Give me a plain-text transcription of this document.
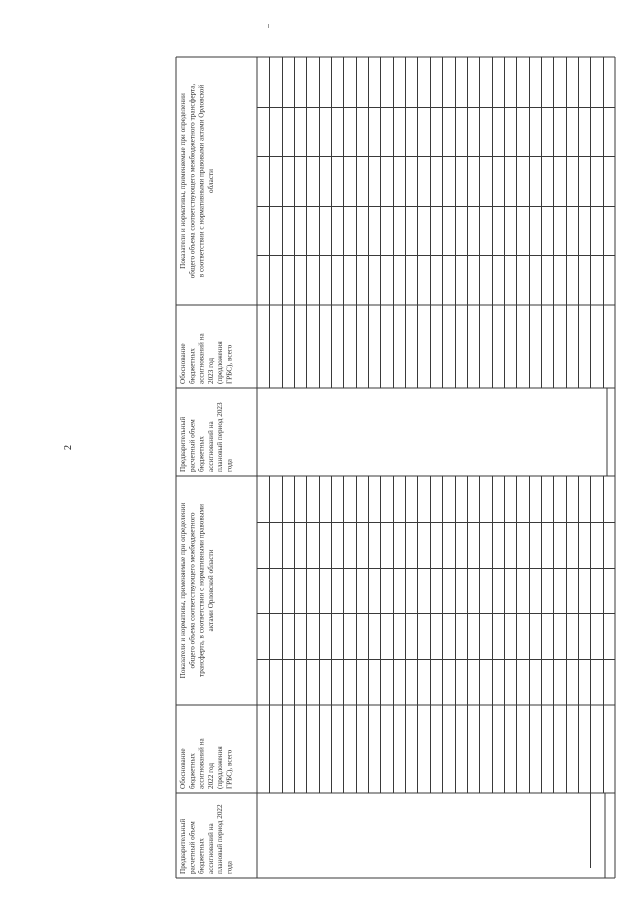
2
Предварительный расчетный объем бюджетных ассигнований на плановый период 2022 года
Обоснование бюджетных ассигнований на 2022 год (предложения ГРБС), всего
Показатели и нормативы, применяемые при определении общего объема соответствующего межбюджетного трансферта, в соответствии с нормативными правовыми актами Орловской области
Предварительный расчетный объем бюджетных ассигнований на плановый период 2023 года
Обоснование бюджетных ассигнований на 2023 год (предложения ГРБС), всего
Показатели и нормативы, применяемые при определении общего объема соответствующего межбюджетного трансферта, в соответствии с нормативными правовыми актами Орловской области
